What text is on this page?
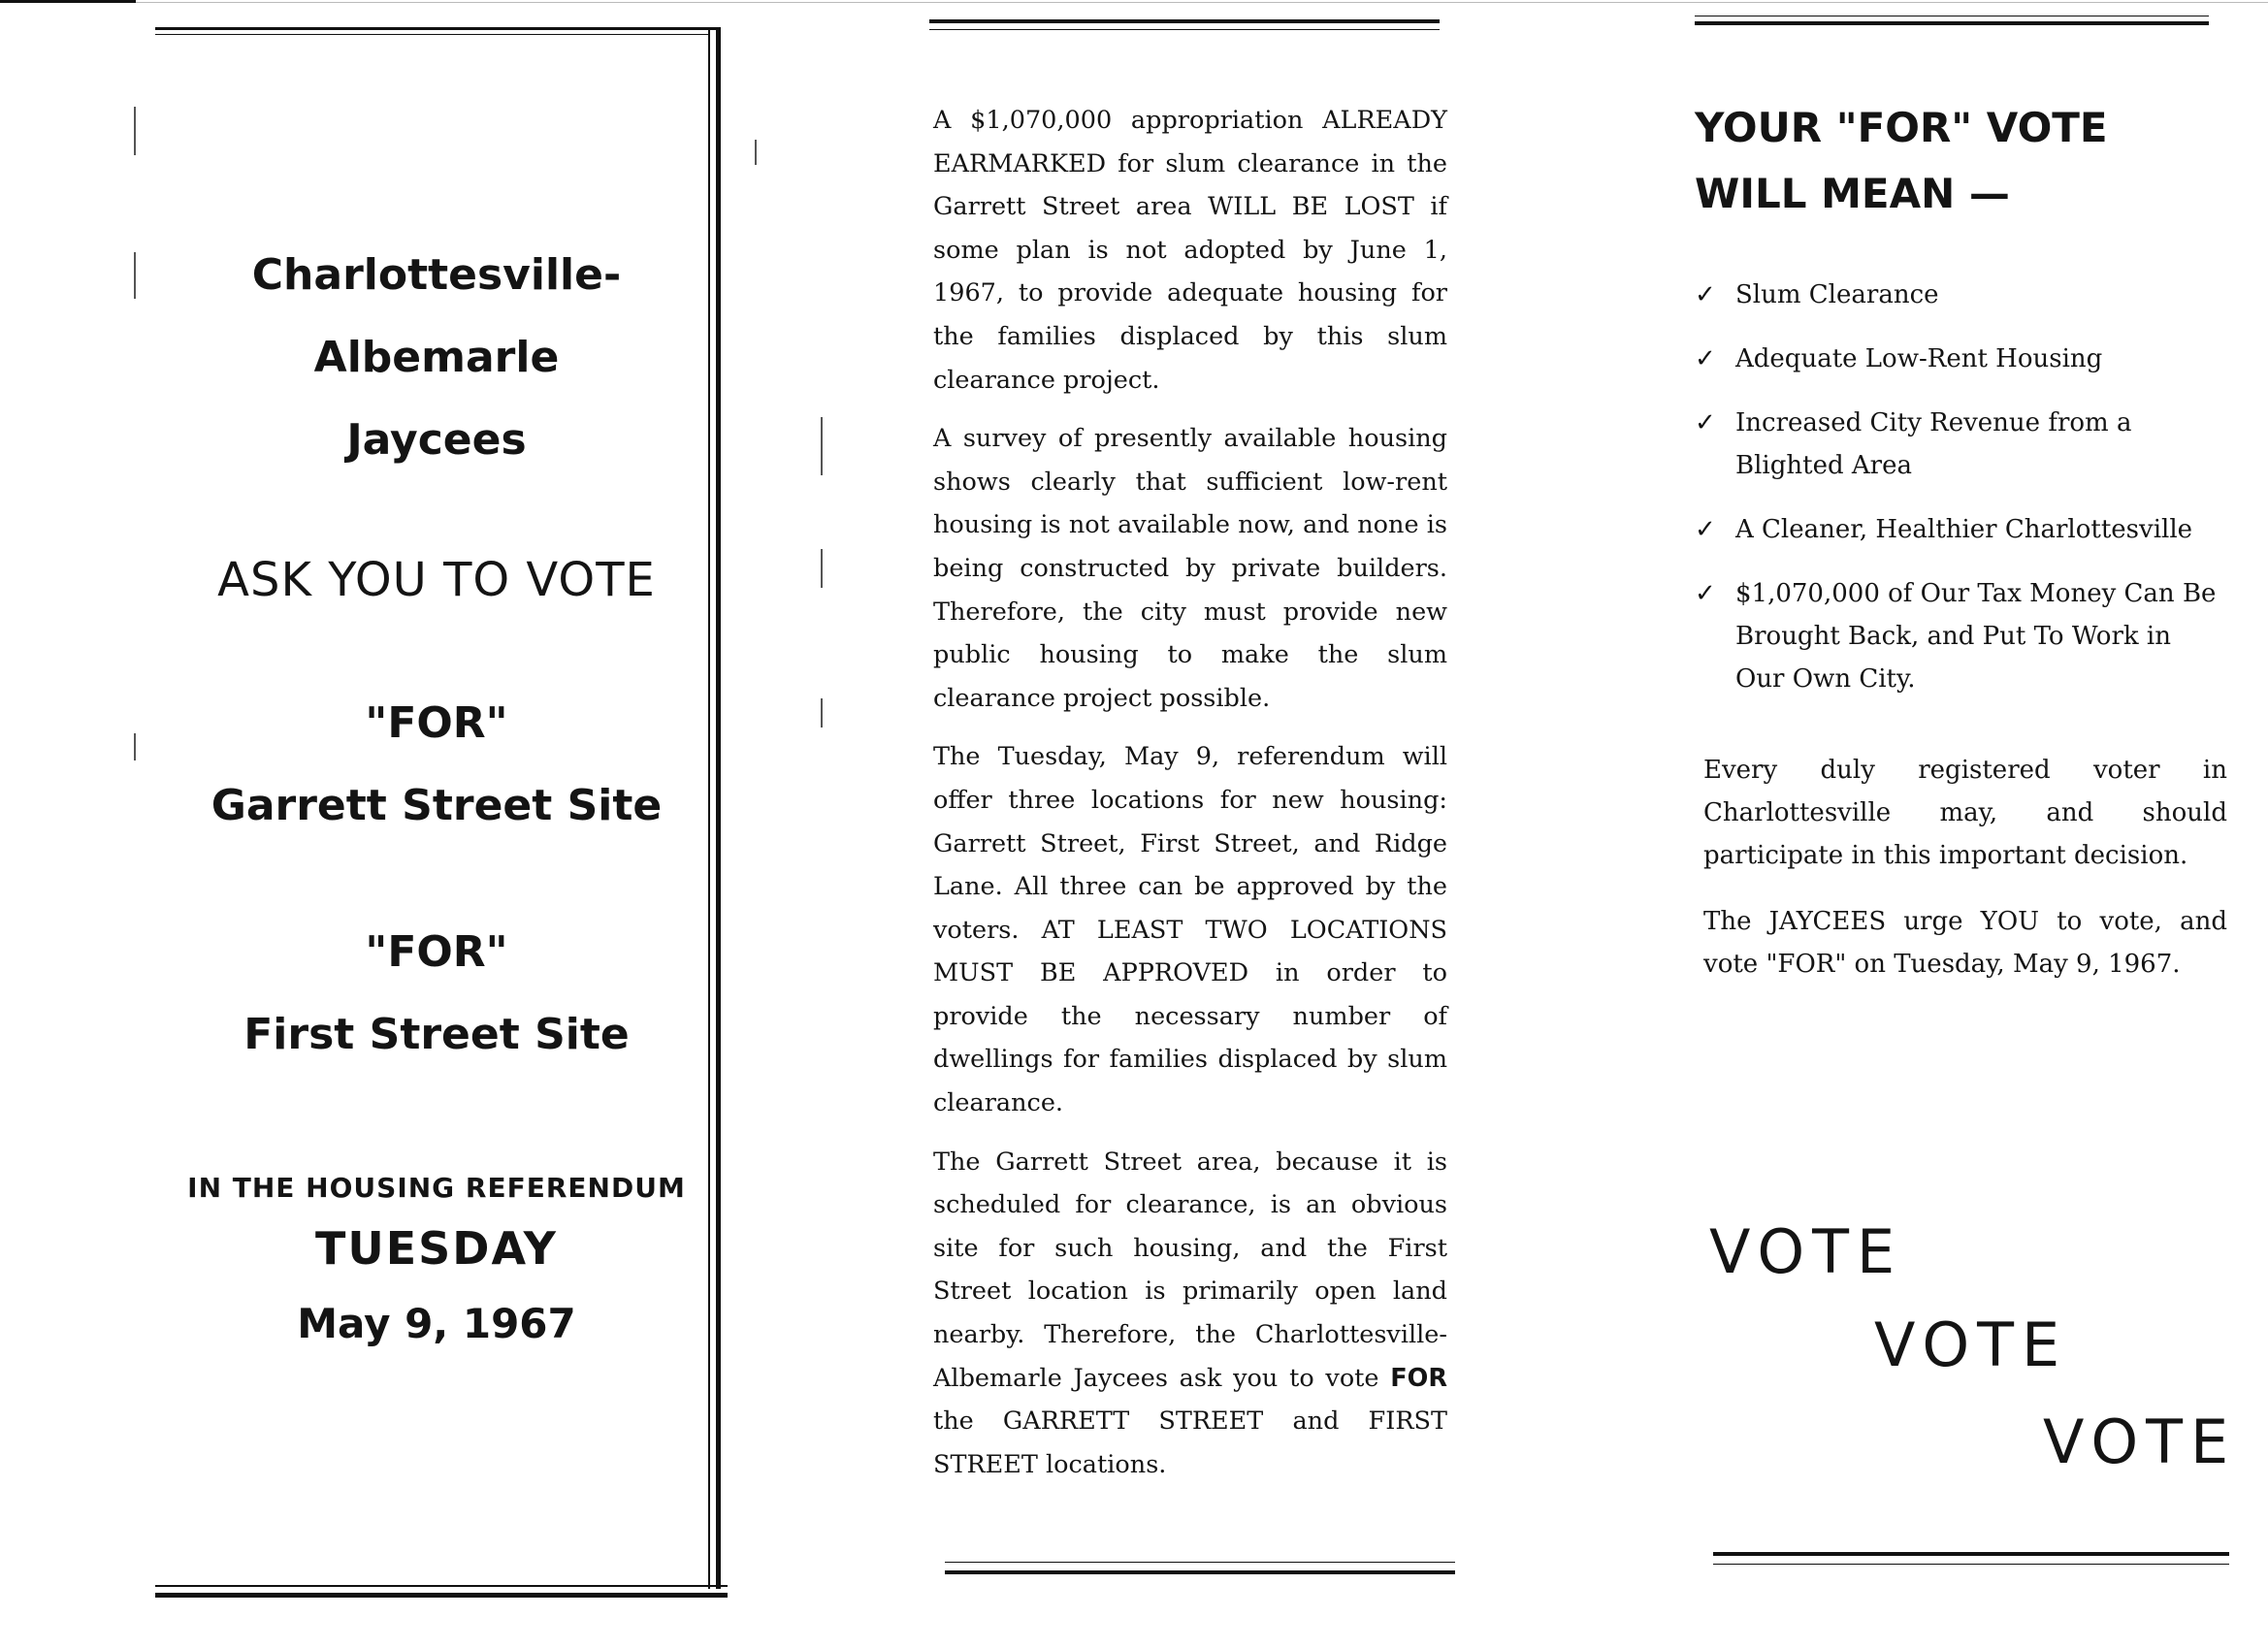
Charlottesville-
Albemarle
Jaycees
ASK YOU TO VOTE
"FOR"
Garrett Street Site
"FOR"
First Street Site
IN THE HOUSING REFERENDUM
TUESDAY
May 9, 1967

A $1,070,000 appropriation ALREADY EARMARKED for slum clearance in the Garrett Street area WILL BE LOST if some plan is not adopted by June 1, 1967, to provide adequate housing for the families displaced by this slum clearance project.

A survey of presently available housing shows clearly that sufficient low-rent housing is not available now, and none is being constructed by private builders. Therefore, the city must provide new public housing to make the slum clearance project possible.

The Tuesday, May 9, referendum will offer three locations for new housing: Garrett Street, First Street, and Ridge Lane. All three can be approved by the voters. AT LEAST TWO LOCATIONS MUST BE APPROVED in order to provide the necessary number of dwellings for families displaced by slum clearance.

The Garrett Street area, because it is scheduled for clearance, is an obvious site for such housing, and the First Street location is primarily open land nearby. Therefore, the Charlottesville-Albemarle Jaycees ask you to vote FOR the GARRETT STREET and FIRST STREET locations.

YOUR "FOR" VOTE
WILL MEAN —
✓ Slum Clearance
✓ Adequate Low-Rent Housing
✓ Increased City Revenue from a Blighted Area
✓ A Cleaner, Healthier Charlottesville
✓ $1,070,000 of Our Tax Money Can Be Brought Back, and Put To Work in Our Own City.

Every duly registered voter in Charlottesville may, and should participate in this important decision.

The JAYCEES urge YOU to vote, and vote "FOR" on Tuesday, May 9, 1967.

VOTE
VOTE
VOTE
